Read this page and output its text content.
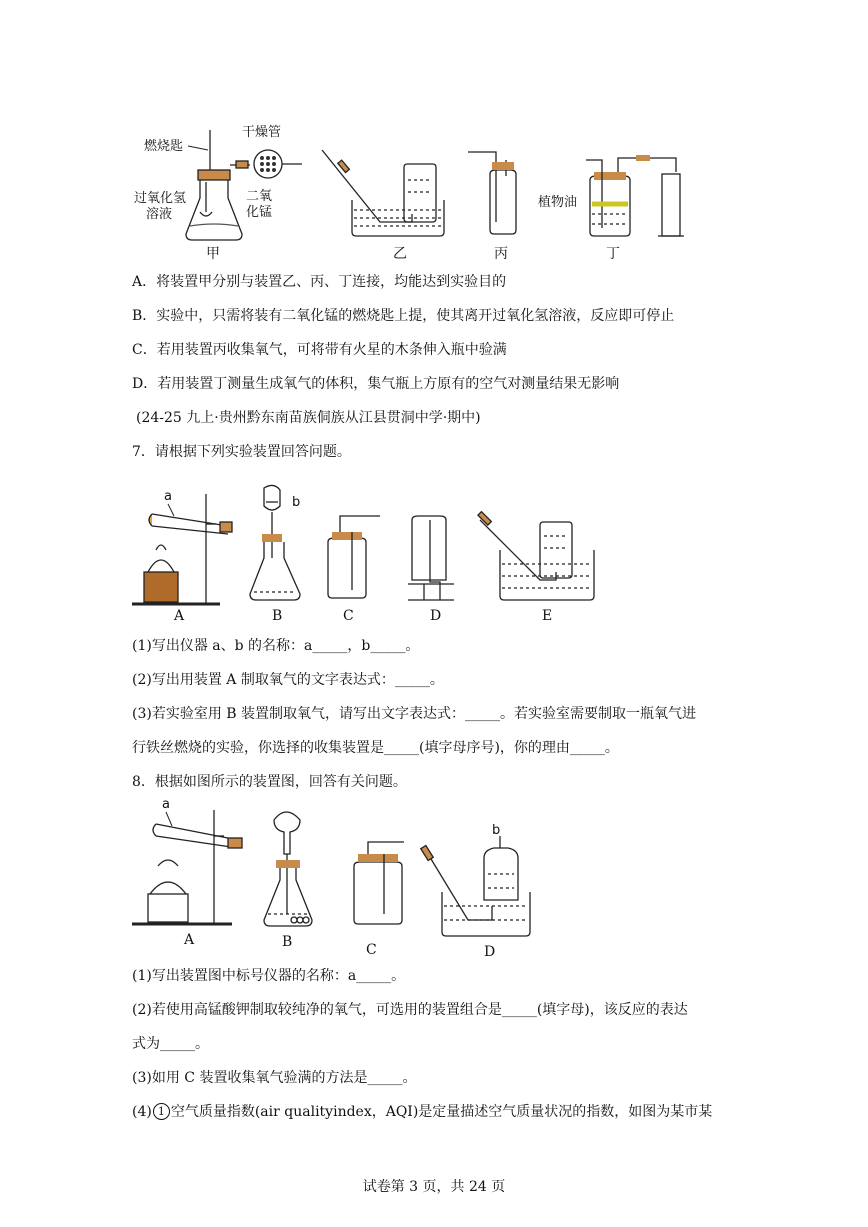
燃烧匙
干燥管
过氧化氢
溶液
二氧
化锰
甲	乙	丙
植物油
丁
A．将装置甲分别与装置乙、丙、丁连接，均能达到实验目的
B．实验中，只需将装有二氧化锰的燃烧匙上提，使其离开过氧化氢溶液，反应即可停止
C．若用装置丙收集氧气，可将带有火星的木条伸入瓶中验满
D．若用装置丁测量生成氧气的体积，集气瓶上方原有的空气对测量结果无影响
(24-25 九上·贵州黔东南苗族侗族从江县贯洞中学·期中)
7．请根据下列实验装置回答问题。
a
A
b
B	C	D	E
(1)写出仪器 a、b 的名称：a_____，b_____。
(2)写出用装置 A 制取氧气的文字表达式：_____。
(3)若实验室用 B 装置制取氧气，请写出文字表达式：_____。若实验室需要制取一瓶氧气进
行铁丝燃烧的实验，你选择的收集装置是_____(填字母序号)，你的理由_____。
8．根据如图所示的装置图，回答有关问题。
a
A	B	C
b
D
(1)写出装置图中标号仪器的名称：a_____。
(2)若使用高锰酸钾制取较纯净的氧气，可选用的装置组合是_____(填字母)，该反应的表达
式为_____。
(3)如用 C 装置收集氧气验满的方法是_____。
(4) 1 空气质量指数(air qualityindex，AQI)是定量描述空气质量状况的指数，如图为某市某
试卷第 3 页，共 24 页
